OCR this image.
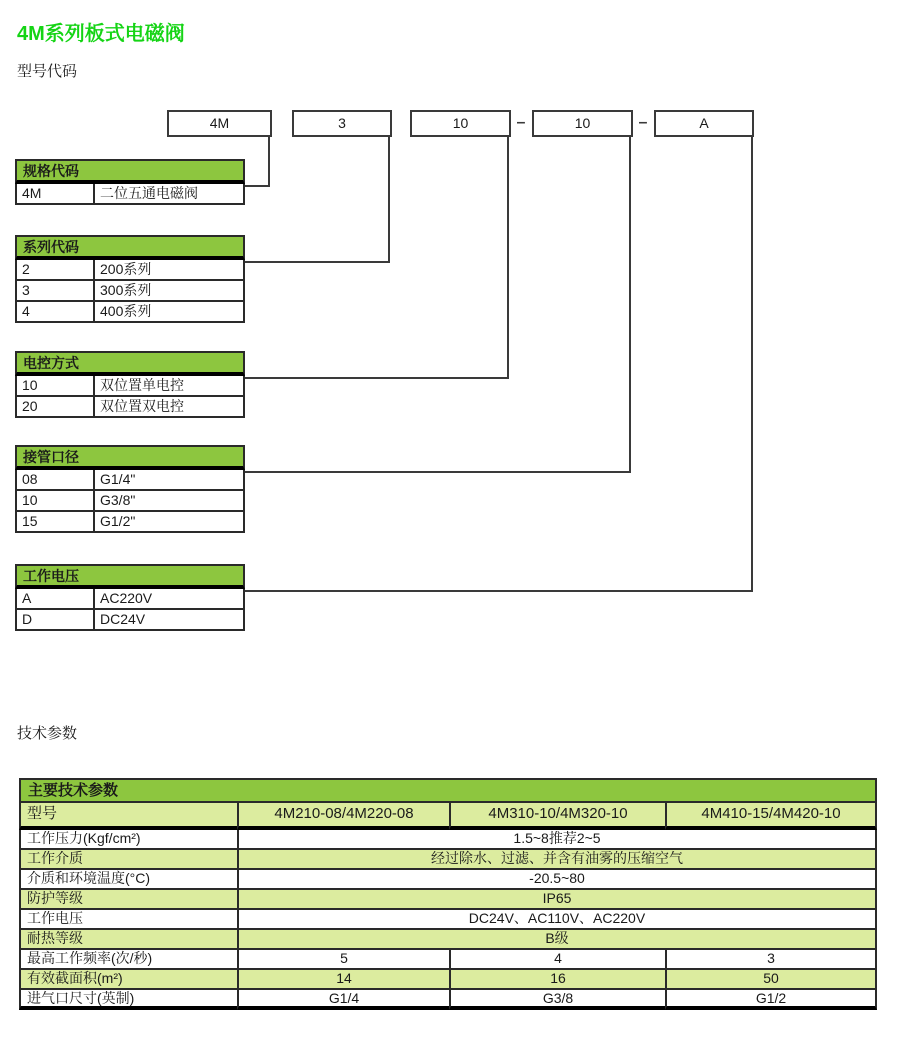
4M系列板式电磁阀
型号代码
4M	3	10	–	10	–	A
规格代码
4M	二位五通电磁阀
系列代码
2	200系列
3	300系列
4	400系列
电控方式
10	双位置单电控
20	双位置双电控
接管口径
08	G1/4"
10	G3/8"
15	G1/2"
工作电压
A	AC220V
D	DC24V
技术参数
主要技术参数
型号	4M210-08/4M220-08	4M310-10/4M320-10	4M410-15/4M420-10
工作压力(Kgf/cm²)	1.5~8推荐2~5
工作介质	经过除水、过滤、并含有油雾的压缩空气
介质和环境温度(°C)	-20.5~80
防护等级	IP65
工作电压	DC24V、AC110V、AC220V
耐热等级	B级
最高工作频率(次/秒)	5	4	3
有效截面积(m²)	14	16	50
进气口尺寸(英制)	G1/4	G3/8	G1/2
